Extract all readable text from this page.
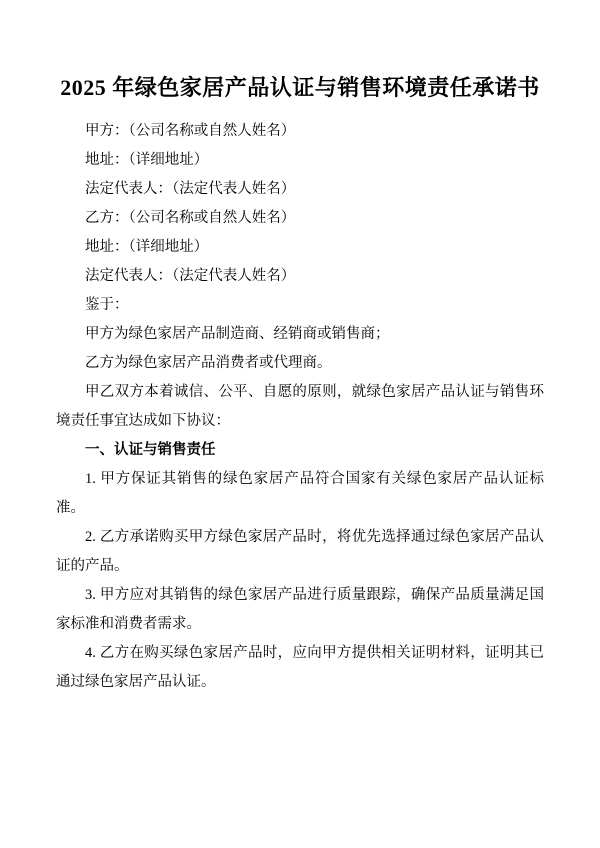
2025 年绿色家居产品认证与销售环境责任承诺书

甲方：（公司名称或自然人姓名）

地址：（详细地址）

法定代表人：（法定代表人姓名）

乙方：（公司名称或自然人姓名）

地址：（详细地址）

法定代表人：（法定代表人姓名）

鉴于：

甲方为绿色家居产品制造商、经销商或销售商；

乙方为绿色家居产品消费者或代理商。

甲乙双方本着诚信、公平、自愿的原则，就绿色家居产品认证与销售环境责任事宜达成如下协议：

一、认证与销售责任

1. 甲方保证其销售的绿色家居产品符合国家有关绿色家居产品认证标准。

2. 乙方承诺购买甲方绿色家居产品时，将优先选择通过绿色家居产品认证的产品。

3. 甲方应对其销售的绿色家居产品进行质量跟踪，确保产品质量满足国家标准和消费者需求。

4. 乙方在购买绿色家居产品时，应向甲方提供相关证明材料，证明其已通过绿色家居产品认证。
